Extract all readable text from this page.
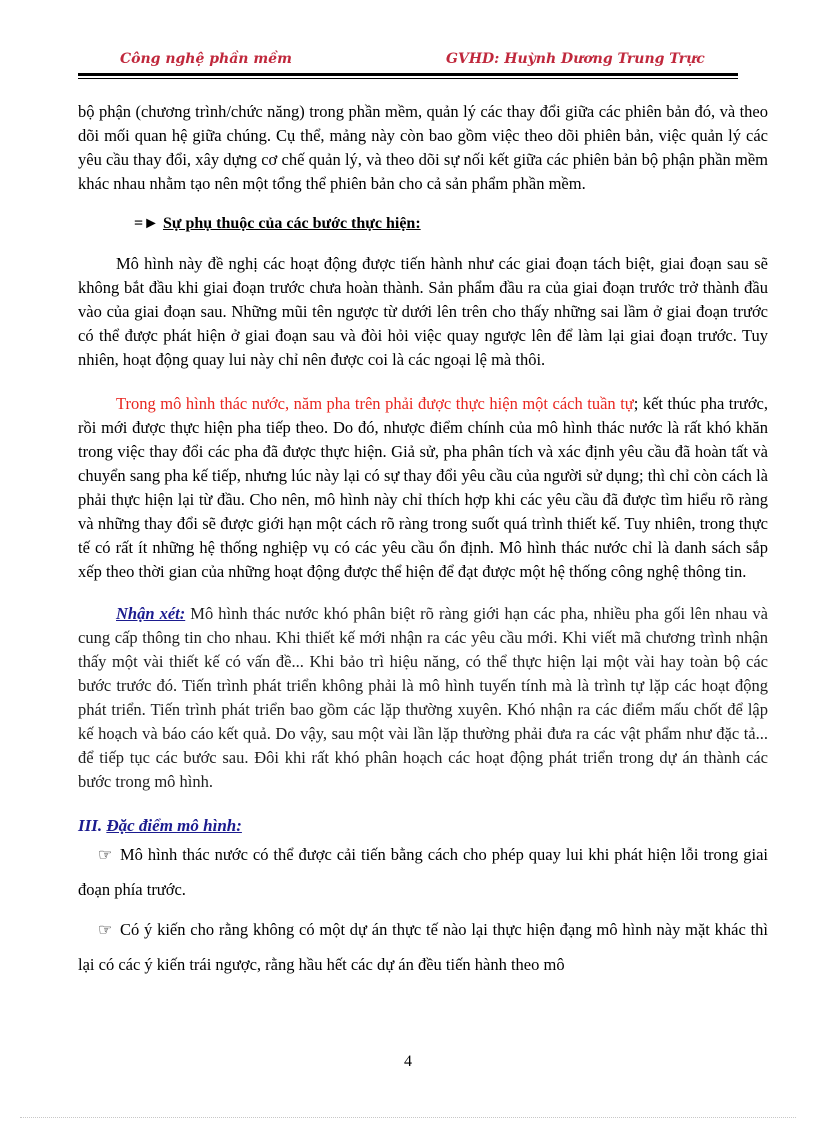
Công nghệ phần mềm	GVHD: Huỳnh Dương Trung Trực

bộ phận (chương trình/chức năng) trong phần mềm, quản lý các thay đổi giữa các phiên bản đó, và theo dõi mối quan hệ giữa chúng. Cụ thể, mảng này còn bao gồm việc theo dõi phiên bản, việc quản lý các yêu cầu thay đổi, xây dựng cơ chế quản lý, và theo dõi sự nối kết giữa các phiên bản bộ phận phần mềm khác nhau nhằm tạo nên một tổng thể phiên bản cho cả sản phẩm phần mềm.

=► Sự phụ thuộc của các bước thực hiện:

Mô hình này đề nghị các hoạt động được tiến hành như các giai đoạn tách biệt, giai đoạn sau sẽ không bắt đầu khi giai đoạn trước chưa hoàn thành. Sản phẩm đầu ra của giai đoạn trước trở thành đầu vào của giai đoạn sau. Những mũi tên ngược từ dưới lên trên cho thấy những sai lầm ở giai đoạn trước có thể được phát hiện ở giai đoạn sau và đòi hỏi việc quay ngược lên để làm lại giai đoạn trước. Tuy nhiên, hoạt động quay lui này chỉ nên được coi là các ngoại lệ mà thôi.

Trong mô hình thác nước, năm pha trên phải được thực hiện một cách tuần tự; kết thúc pha trước, rồi mới được thực hiện pha tiếp theo. Do đó, nhược điểm chính của mô hình thác nước là rất khó khăn trong việc thay đổi các pha đã được thực hiện. Giả sử, pha phân tích và xác định yêu cầu đã hoàn tất và chuyển sang pha kế tiếp, nhưng lúc này lại có sự thay đổi yêu cầu của người sử dụng; thì chỉ còn cách là phải thực hiện lại từ đầu. Cho nên, mô hình này chỉ thích hợp khi các yêu cầu đã được tìm hiểu rõ ràng và những thay đổi sẽ được giới hạn một cách rõ ràng trong suốt quá trình thiết kế. Tuy nhiên, trong thực tế có rất ít những hệ thống nghiệp vụ có các yêu cầu ổn định. Mô hình thác nước chỉ là danh sách sắp xếp theo thời gian của những hoạt động được thể hiện để đạt được một hệ thống công nghệ thông tin.

Nhận xét: Mô hình thác nước khó phân biệt rõ ràng giới hạn các pha, nhiều pha gối lên nhau và cung cấp thông tin cho nhau. Khi thiết kế mới nhận ra các yêu cầu mới. Khi viết mã chương trình nhận thấy một vài thiết kế có vấn đề... Khi bảo trì hiệu năng, có thể thực hiện lại một vài hay toàn bộ các bước trước đó. Tiến trình phát triển không phải là mô hình tuyến tính mà là trình tự lặp các hoạt động phát triển. Tiến trình phát triển bao gồm các lặp thường xuyên. Khó nhận ra các điểm mấu chốt để lập kế hoạch và báo cáo kết quả. Do vậy, sau một vài lần lặp thường phải đưa ra các vật phẩm như đặc tả... để tiếp tục các bước sau. Đôi khi rất khó phân hoạch các hoạt động phát triển trong dự án thành các bước trong mô hình.

III. Đặc điểm mô hình:

☞ Mô hình thác nước có thể được cải tiến bằng cách cho phép quay lui khi phát hiện lỗi trong giai đoạn phía trước.

☞ Có ý kiến cho rằng không có một dự án thực tế nào lại thực hiện đạng mô hình này mặt khác thì lại có các ý kiến trái ngược, rằng hầu hết các dự án đều tiến hành theo mô

4
